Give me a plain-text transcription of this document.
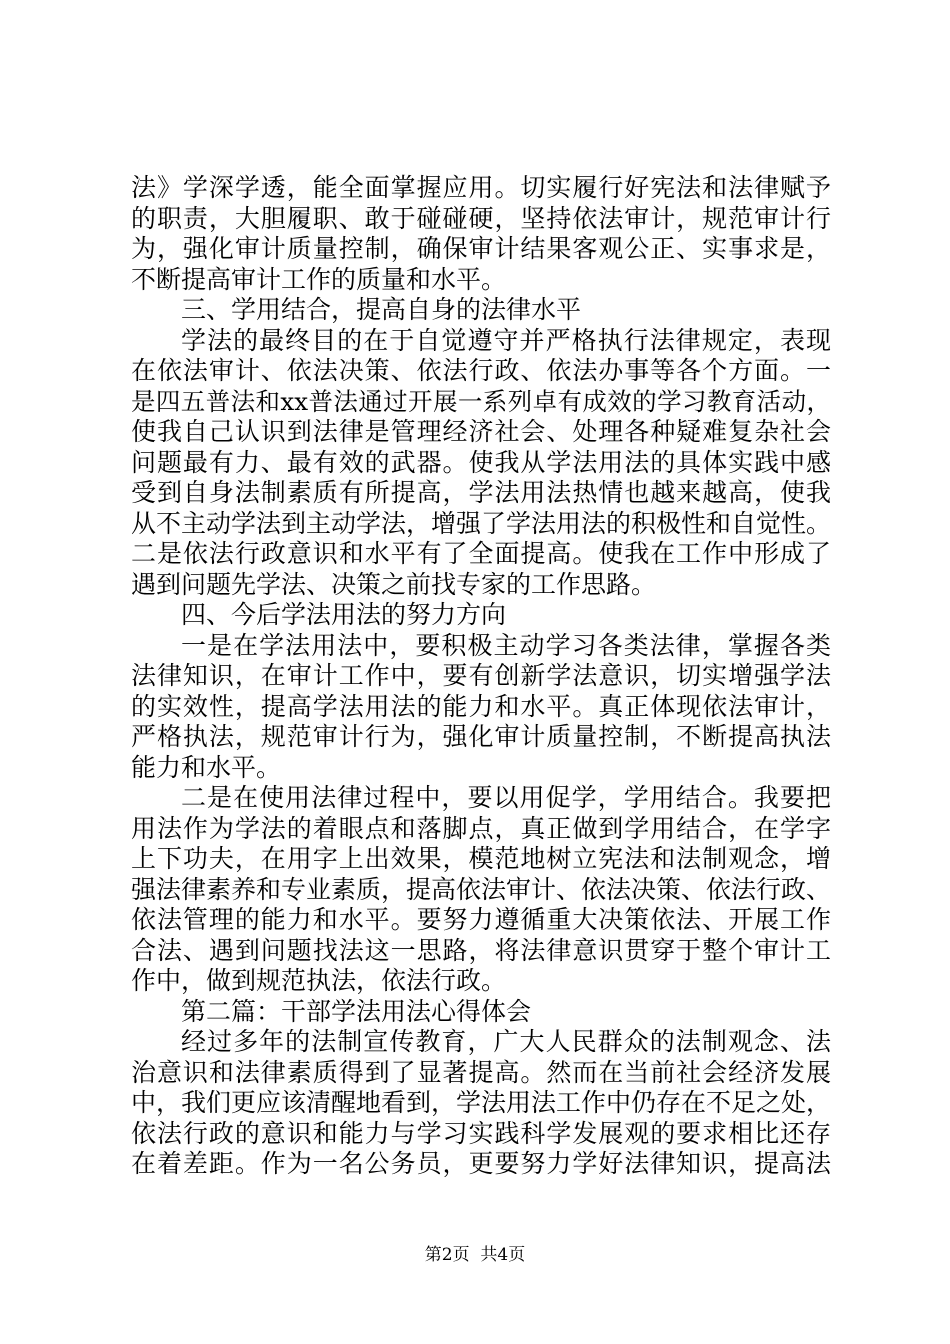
法》学深学透，能全面掌握应用。切实履行好宪法和法律赋予
的职责，大胆履职、敢于碰碰硬，坚持依法审计，规范审计行
为，强化审计质量控制，确保审计结果客观公正、实事求是，
不断提高审计工作的质量和水平。
三、学用结合，提高自身的法律水平
学法的最终目的在于自觉遵守并严格执行法律规定，表现
在依法审计、依法决策、依法行政、依法办事等各个方面。一
是四五普法和xx普法通过开展一系列卓有成效的学习教育活动，
使我自己认识到法律是管理经济社会、处理各种疑难复杂社会
问题最有力、最有效的武器。使我从学法用法的具体实践中感
受到自身法制素质有所提高，学法用法热情也越来越高，使我
从不主动学法到主动学法，增强了学法用法的积极性和自觉性。
二是依法行政意识和水平有了全面提高。使我在工作中形成了
遇到问题先学法、决策之前找专家的工作思路。
四、今后学法用法的努力方向
一是在学法用法中，要积极主动学习各类法律，掌握各类
法律知识，在审计工作中，要有创新学法意识，切实增强学法
的实效性，提高学法用法的能力和水平。真正体现依法审计，
严格执法，规范审计行为，强化审计质量控制，不断提高执法
能力和水平。
二是在使用法律过程中，要以用促学，学用结合。我要把
用法作为学法的着眼点和落脚点，真正做到学用结合，在学字
上下功夫，在用字上出效果，模范地树立宪法和法制观念，增
强法律素养和专业素质，提高依法审计、依法决策、依法行政、
依法管理的能力和水平。要努力遵循重大决策依法、开展工作
合法、遇到问题找法这一思路，将法律意识贯穿于整个审计工
作中，做到规范执法，依法行政。
第二篇：干部学法用法心得体会
经过多年的法制宣传教育，广大人民群众的法制观念、法
治意识和法律素质得到了显著提高。然而在当前社会经济发展
中，我们更应该清醒地看到，学法用法工作中仍存在不足之处，
依法行政的意识和能力与学习实践科学发展观的要求相比还存
在着差距。作为一名公务员，更要努力学好法律知识，提高法
第2页  共4页
